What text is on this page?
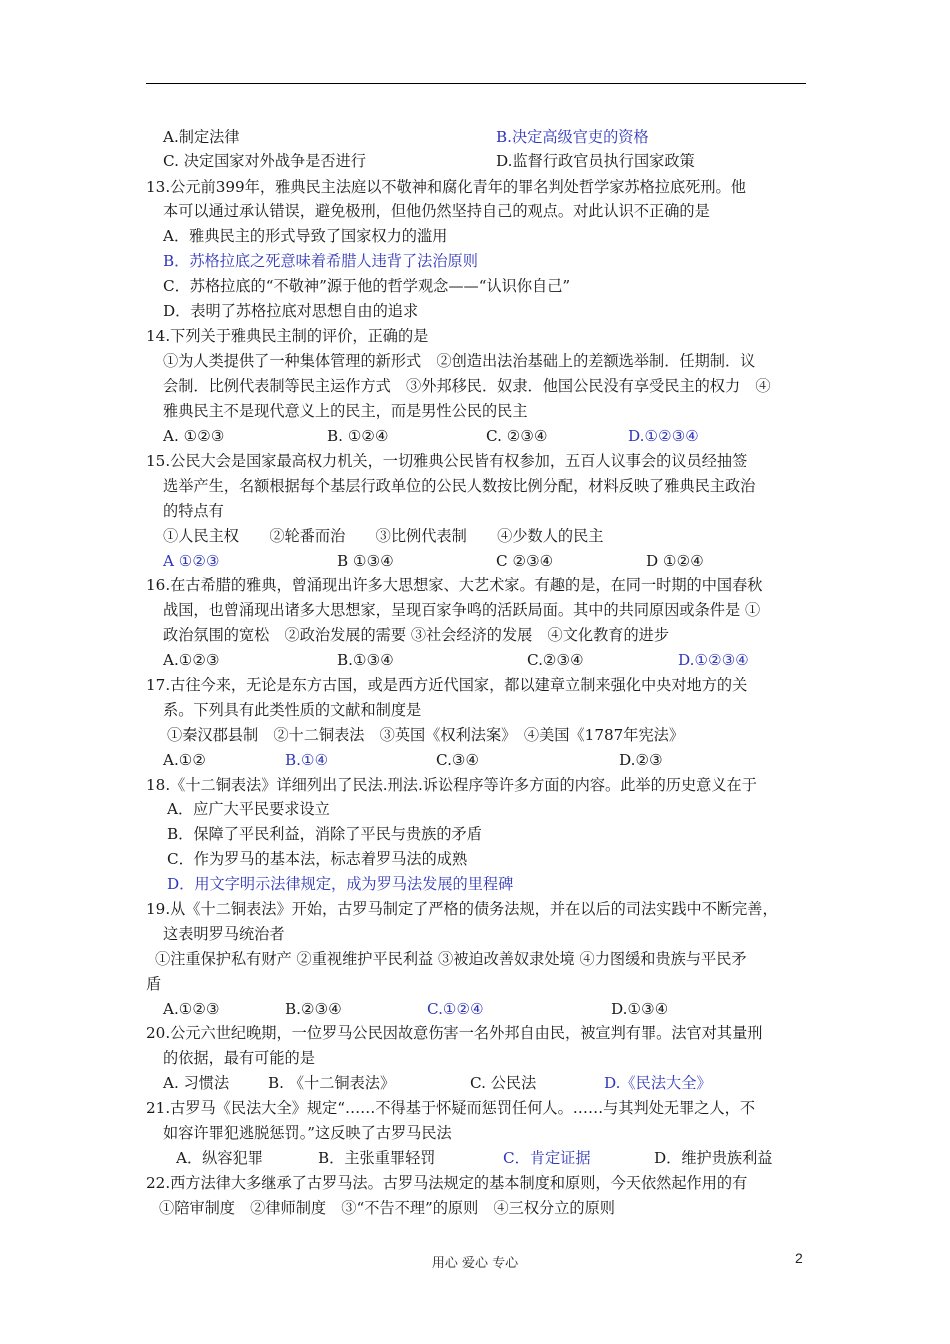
A.制定法律	B.决定高级官吏的资格
C. 决定国家对外战争是否进行	D.监督行政官员执行国家政策
13.公元前399年，雅典民主法庭以不敬神和腐化青年的罪名判处哲学家苏格拉底死刑。他
本可以通过承认错误，避免极刑，但他仍然坚持自己的观点。对此认识不正确的是
A．雅典民主的形式导致了国家权力的滥用
B．苏格拉底之死意味着希腊人违背了法治原则
C．苏格拉底的“不敬神”源于他的哲学观念——“认识你自己”
D．表明了苏格拉底对思想自由的追求
14.下列关于雅典民主制的评价，正确的是
①为人类提供了一种集体管理的新形式　②创造出法治基础上的差额选举制．任期制．议
会制．比例代表制等民主运作方式　③外邦移民．奴隶．他国公民没有享受民主的权力　④
雅典民主不是现代意义上的民主，而是男性公民的民主
A. ①②③	B. ①②④	C. ②③④	D.①②③④
15.公民大会是国家最高权力机关，一切雅典公民皆有权参加，五百人议事会的议员经抽签
选举产生，名额根据每个基层行政单位的公民人数按比例分配，材料反映了雅典民主政治
的特点有
①人民主权　　②轮番而治　　③比例代表制　　④少数人的民主
A ①②③	B ①③④	C ②③④	D ①②④
16.在古希腊的雅典，曾涌现出许多大思想家、大艺术家。有趣的是，在同一时期的中国春秋
战国，也曾涌现出诸多大思想家，呈现百家争鸣的活跃局面。其中的共同原因或条件是 ①
政治氛围的宽松　②政治发展的需要 ③社会经济的发展　④文化教育的进步
A.①②③	B.①③④	C.②③④	D.①②③④
17.古往今来，无论是东方古国，或是西方近代国家，都以建章立制来强化中央对地方的关
系。下列具有此类性质的文献和制度是
①秦汉郡县制　②十二铜表法　③英国《权利法案》　④美国《1787年宪法》
A.①②	B.①④	C.③④	D.②③
18.《十二铜表法》详细列出了民法.刑法.诉讼程序等许多方面的内容。此举的历史意义在于
A．应广大平民要求设立
B．保障了平民利益，消除了平民与贵族的矛盾
C．作为罗马的基本法，标志着罗马法的成熟
D．用文字明示法律规定，成为罗马法发展的里程碑
19.从《十二铜表法》开始，古罗马制定了严格的债务法规，并在以后的司法实践中不断完善，
这表明罗马统治者
①注重保护私有财产 ②重视维护平民利益 ③被迫改善奴隶处境 ④力图缓和贵族与平民矛
盾
A.①②③	B.②③④	C.①②④	D.①③④
20.公元六世纪晚期，一位罗马公民因故意伤害一名外邦自由民，被宣判有罪。法官对其量刑
的依据，最有可能的是
A. 习惯法	B. 《十二铜表法》	C. 公民法	D.《民法大全》
21.古罗马《民法大全》规定“……不得基于怀疑而惩罚任何人。……与其判处无罪之人，不
如容许罪犯逃脱惩罚。”这反映了古罗马民法
A．纵容犯罪	B．主张重罪轻罚	C．肯定证据	D．维护贵族利益
22.西方法律大多继承了古罗马法。古罗马法规定的基本制度和原则，今天依然起作用的有
①陪审制度　②律师制度　③“不告不理”的原则　④三权分立的原则
用心 爱心 专心	2
